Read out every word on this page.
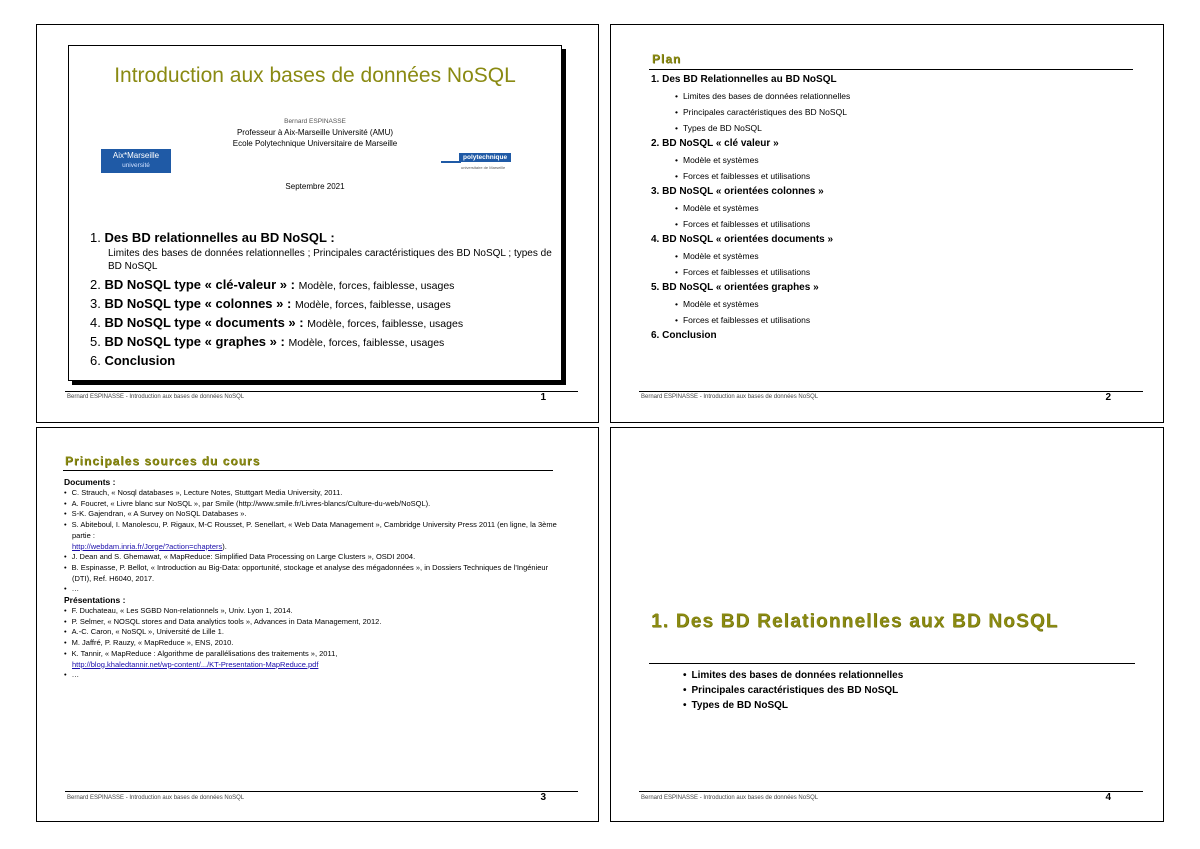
Introduction aux bases de données NoSQL
Bernard ESPINASSE
Professeur à Aix-Marseille Université (AMU)
Ecole Polytechnique Universitaire de Marseille
Septembre 2021
Aix*Marseille
université
polytechnique
universitaire de Marseille
1. Des BD relationnelles au BD NoSQL :
Limites des bases de données relationnelles ; Principales caractéristiques des BD NoSQL ; types de BD NoSQL
2. BD NoSQL type « clé-valeur » : Modèle, forces, faiblesse, usages
3. BD NoSQL type « colonnes » : Modèle, forces, faiblesse, usages
4. BD NoSQL type « documents » : Modèle, forces, faiblesse, usages
5. BD NoSQL type « graphes » : Modèle, forces, faiblesse, usages
6. Conclusion
Bernard ESPINASSE - Introduction aux bases de données NoSQL	1
Plan
1. Des BD Relationnelles au BD NoSQL
• Limites des bases de données relationnelles
• Principales caractéristiques des BD NoSQL
• Types de BD NoSQL
2. BD NoSQL « clé valeur »
• Modèle et systèmes
• Forces et faiblesses et utilisations
3. BD NoSQL « orientées colonnes »
• Modèle et systèmes
• Forces et faiblesses et utilisations
4. BD NoSQL « orientées documents »
• Modèle et systèmes
• Forces et faiblesses et utilisations
5. BD NoSQL « orientées graphes »
• Modèle et systèmes
• Forces et faiblesses et utilisations
6. Conclusion
Bernard ESPINASSE - Introduction aux bases de données NoSQL	2
Principales sources du cours
Documents :
• C. Strauch, « Nosql databases », Lecture Notes, Stuttgart Media University, 2011.
• A. Foucret, « Livre blanc sur NoSQL », par Smile (http://www.smile.fr/Livres-blancs/Culture-du-web/NoSQL).
• S-K. Gajendran, « A Survey on NoSQL Databases ».
• S. Abiteboul, I. Manolescu, P. Rigaux, M-C Rousset, P. Senellart, « Web Data Management », Cambridge University Press 2011 (en ligne, la 3ème partie :
http://webdam.inria.fr/Jorge/?action=chapters).
• J. Dean and S. Ghemawat, « MapReduce: Simplified Data Processing on Large Clusters », OSDI 2004.
• B. Espinasse, P. Bellot, « Introduction au Big-Data: opportunité, stockage et analyse des mégadonnées », in Dossiers Techniques de l'Ingénieur (DTI), Ref. H6040, 2017.
• …
Présentations :
• F. Duchateau, « Les SGBD Non-relationnels », Univ. Lyon 1, 2014.
• P. Selmer, « NOSQL stores and Data analytics tools », Advances in Data Management, 2012.
• A.-C. Caron, « NoSQL », Université de Lille 1.
• M. Jaffré, P. Rauzy, « MapReduce », ENS, 2010.
• K. Tannir, « MapReduce : Algorithme de parallélisations des traitements », 2011,
http://blog.khaledtannir.net/wp-content/.../KT-Presentation-MapReduce.pdf
• …
Bernard ESPINASSE - Introduction aux bases de données NoSQL	3
1. Des BD Relationnelles aux BD NoSQL
• Limites des bases de données relationnelles
• Principales caractéristiques des BD NoSQL
• Types de BD NoSQL
Bernard ESPINASSE - Introduction aux bases de données NoSQL	4
